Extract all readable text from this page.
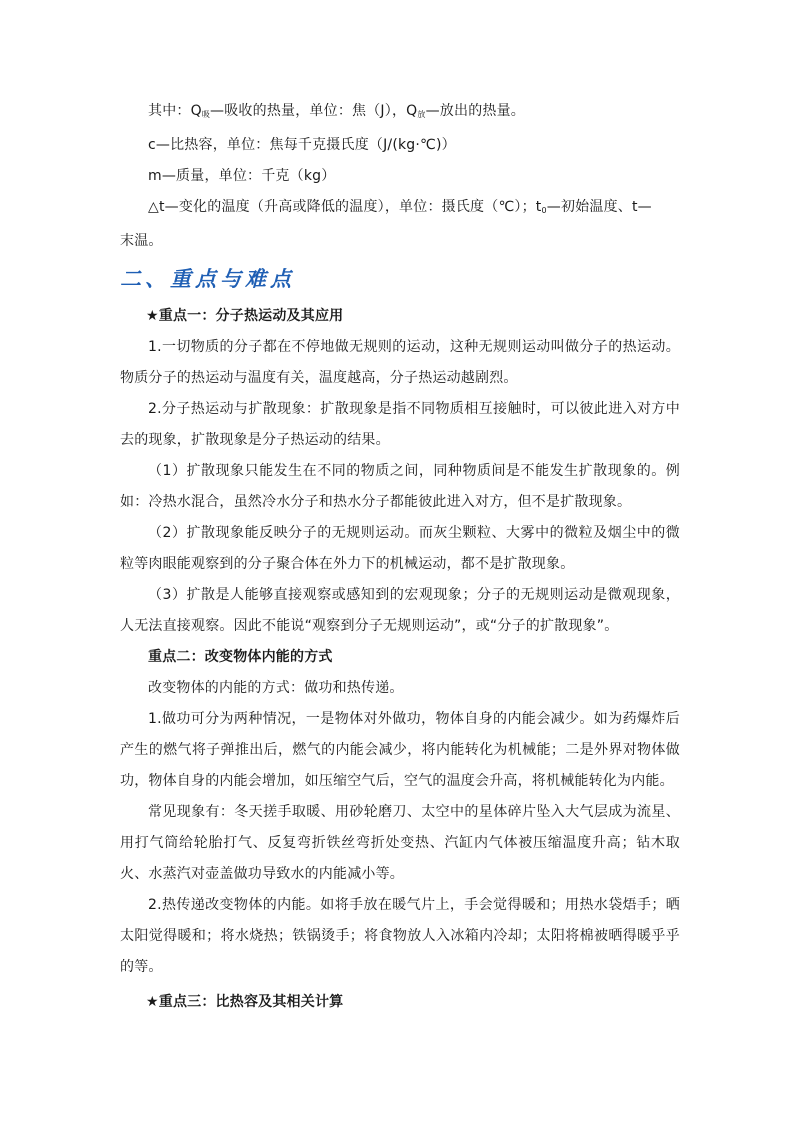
其中：$Q_吸—$吸收的热量，单位：焦（J），$Q_放—$放出的热量。

c—比热容，单位：焦每千克摄氏度（J/(kg·℃)）

m—质量，单位：千克（kg）

△t—变化的温度（升高或降低的温度），单位：摄氏度（℃）；$t_0—$初始温度、t—

末温。

二、重点与难点

★重点一：分子热运动及其应用

1.一切物质的分子都在不停地做无规则的运动，这种无规则运动叫做分子的热运动。物质分子的热运动与温度有关，温度越高，分子热运动越剧烈。

2.分子热运动与扩散现象：扩散现象是指不同物质相互接触时，可以彼此进入对方中去的现象，扩散现象是分子热运动的结果。

（1）扩散现象只能发生在不同的物质之间，同种物质间是不能发生扩散现象的。例如：冷热水混合，虽然冷水分子和热水分子都能彼此进入对方，但不是扩散现象。

（2）扩散现象能反映分子的无规则运动。而灰尘颗粒、大雾中的微粒及烟尘中的微粒等肉眼能观察到的分子聚合体在外力下的机械运动，都不是扩散现象。

（3）扩散是人能够直接观察或感知到的宏观现象；分子的无规则运动是微观现象，人无法直接观察。因此不能说“观察到分子无规则运动”，或“分子的扩散现象”。

重点二：改变物体内能的方式

改变物体的内能的方式：做功和热传递。

1.做功可分为两种情况，一是物体对外做功，物体自身的内能会减少。如为药爆炸后产生的燃气将子弹推出后，燃气的内能会减少，将内能转化为机械能；二是外界对物体做功，物体自身的内能会增加，如压缩空气后，空气的温度会升高，将机械能转化为内能。

常见现象有：冬天搓手取暖、用砂轮磨刀、太空中的星体碎片坠入大气层成为流星、用打气筒给轮胎打气、反复弯折铁丝弯折处变热、汽缸内气体被压缩温度升高；钻木取火、水蒸汽对壶盖做功导致水的内能减小等。

2.热传递改变物体的内能。如将手放在暖气片上，手会觉得暖和；用热水袋焐手；晒太阳觉得暖和；将水烧热；铁锅烫手；将食物放人入冰箱内冷却；太阳将棉被晒得暖乎乎的等。

★重点三：比热容及其相关计算
